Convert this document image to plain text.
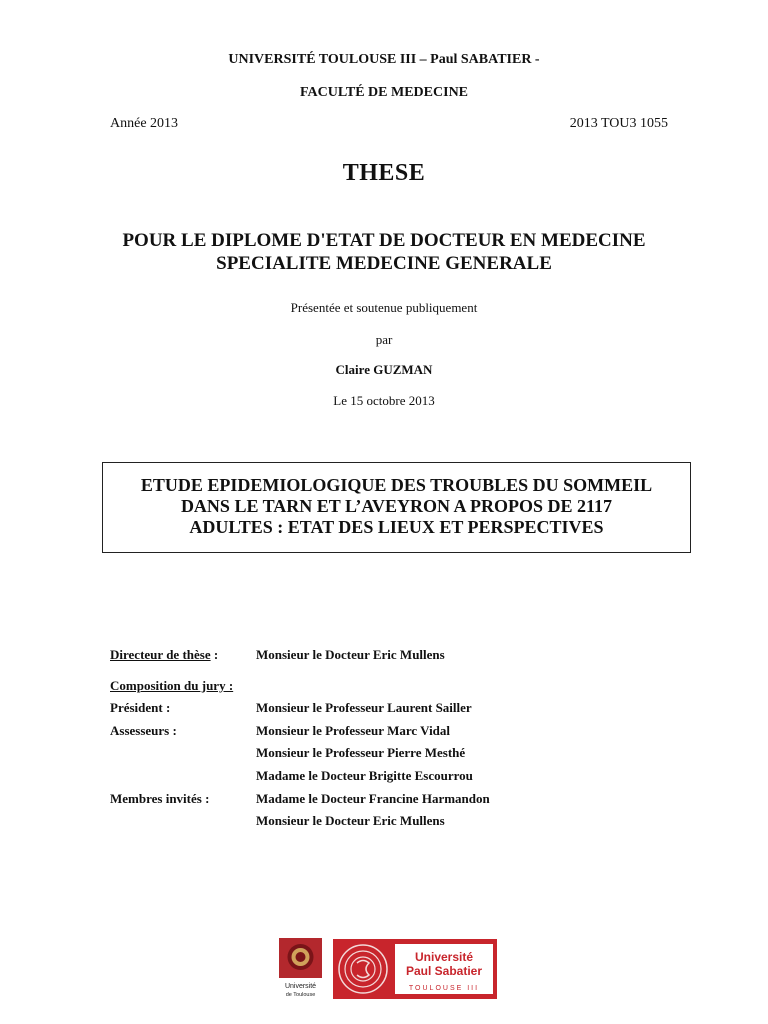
UNIVERSITÉ TOULOUSE III – Paul SABATIER -
FACULTÉ DE MEDECINE
Année 2013	2013 TOU3 1055
THESE
POUR LE DIPLOME D'ETAT DE DOCTEUR EN MEDECINE
SPECIALITE MEDECINE GENERALE
Présentée et soutenue publiquement
par
Claire GUZMAN
Le 15 octobre 2013
ETUDE EPIDEMIOLOGIQUE DES TROUBLES DU SOMMEIL
DANS LE TARN ET L’AVEYRON A PROPOS DE 2117
ADULTES : ETAT DES LIEUX ET PERSPECTIVES
Directeur de thèse :	Monsieur le Docteur Eric Mullens
Composition du jury :
Président :	Monsieur le Professeur Laurent Sailler
Assesseurs :	Monsieur le Professeur Marc Vidal
Monsieur le Professeur Pierre Mesthé
Madame le Docteur Brigitte Escourrou
Membres invités :	Madame le Docteur Francine Harmandon
Monsieur le Docteur Eric Mullens
Université
de Toulouse
Université
Paul Sabatier
TOULOUSE III
